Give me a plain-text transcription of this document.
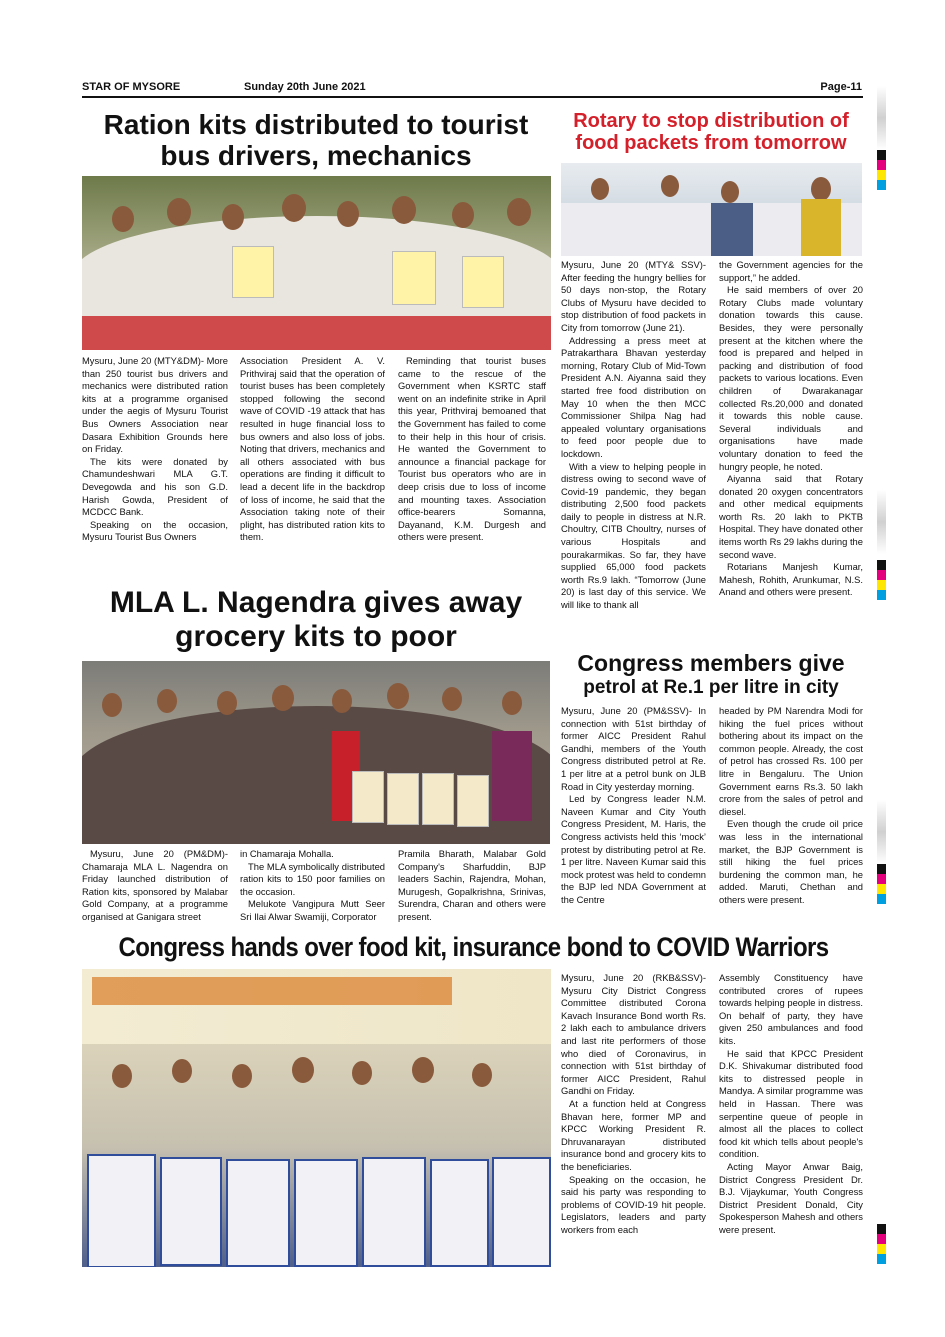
STAR OF MYSORE	Sunday 20th June 2021	Page-11
Ration kits distributed to tourist
bus drivers, mechanics

Mysuru, June 20 (MTY&DM)- More than 250 tourist bus drivers and mechanics were distributed ration kits at a programme organised under the aegis of Mysuru Tourist Bus Owners Association near Dasara Exhibition Grounds here on Friday.

The kits were donated by Chamundeshwari MLA G.T. Devegowda and his son G.D. Harish Gowda, President of MCDCC Bank.

Speaking on the occasion, Mysuru Tourist Bus Owners

Association President A. V. Prithviraj said that the operation of tourist buses has been completely stopped following the second wave of COVID -19 attack that has resulted in huge financial loss to bus owners and also loss of jobs. Noting that drivers, mechanics and all others associated with bus operations are finding it difficult to lead a decent life in the backdrop of loss of income, he said that the Association taking note of their plight, has distributed ration kits to them.

Reminding that tourist buses came to the rescue of the Government when KSRTC staff went on an indefinite strike in April this year, Prithviraj bemoaned that the Government has failed to come to their help in this hour of crisis. He wanted the Government to announce a financial package for Tourist bus operators who are in deep crisis due to loss of income and mounting taxes. Association office-bearers Somanna, Dayanand, K.M. Durgesh and others were present.

Rotary to stop distribution of
food packets from tomorrow

Mysuru, June 20 (MTY& SSV)- After feeding the hungry bellies for 50 days non-stop, the Rotary Clubs of Mysuru have decided to stop distribution of food packets in City from tomorrow (June 21).

Addressing a press meet at Patrakarthara Bhavan yesterday morning, Rotary Club of Mid-Town President A.N. Aiyanna said they started free food distribution on May 10 when the then MCC Commissioner Shilpa Nag had appealed voluntary organisations to feed poor people due to lockdown.

With a view to helping people in distress owing to second wave of Covid-19 pandemic, they began distributing 2,500 food packets daily to people in distress at N.R. Choultry, CITB Choultry, nurses of various Hospitals and pourakarmikas. So far, they have supplied 65,000 food packets worth Rs.9 lakh. “Tomorrow (June 20) is last day of this service. We will like to thank all

the Government agencies for the support,” he added.

He said members of over 20 Rotary Clubs made voluntary donation towards this cause. Besides, they were personally present at the kitchen where the food is prepared and helped in packing and distribution of food packets to various locations. Even children of Dwarakanagar collected Rs.20,000 and donated it towards this noble cause. Several individuals and organisations have made voluntary donation to feed the hungry people, he noted.

Aiyanna said that Rotary donated 20 oxygen concentrators and other medical equipments worth Rs. 20 lakh to PKTB Hospital. They have donated other items worth Rs 29 lakhs during the second wave.

Rotarians Manjesh Kumar, Mahesh, Rohith, Arunkumar, N.S. Anand and others were present.

MLA L. Nagendra gives away
grocery kits to poor

Mysuru, June 20 (PM&DM)- Chamaraja MLA L. Nagendra on Friday launched distribution of Ration kits, sponsored by Malabar Gold Company, at a programme organised at Ganigara street

in Chamaraja Mohalla.

The MLA symbolically distributed ration kits to 150 poor families on the occasion.

Melukote Vangipura Mutt Seer Sri Ilai Alwar Swamiji, Corporator

Pramila Bharath, Malabar Gold Company's Sharfuddin, BJP leaders Sachin, Rajendra, Mohan, Murugesh, Gopalkrishna, Srinivas, Surendra, Charan and others were present.

Congress members give
petrol at Re.1 per litre in city

Mysuru, June 20 (PM&SSV)- In connection with 51st birthday of former AICC President Rahul Gandhi, members of the Youth Congress distributed petrol at Re. 1 per litre at a petrol bunk on JLB Road in City yesterday morning.

Led by Congress leader N.M. Naveen Kumar and City Youth Congress President, M. Haris, the Congress activists held this ‘mock’ protest by distributing petrol at Re. 1 per litre. Naveen Kumar said this mock protest was held to condemn the BJP led NDA Government at the Centre

headed by PM Narendra Modi for hiking the fuel prices without bothering about its impact on the common people. Already, the cost of petrol has crossed Rs. 100 per litre in Bengaluru. The Union Government earns Rs.3. 50 lakh crore from the sales of petrol and diesel.

Even though the crude oil price was less in the international market, the BJP Government is still hiking the fuel prices burdening the common man, he added. Maruti, Chethan and others were present.

Congress hands over food kit, insurance bond to COVID Warriors

Mysuru, June 20 (RKB&SSV)- Mysuru City District Congress Committee distributed Corona Kavach Insurance Bond worth Rs. 2 lakh each to ambulance drivers and last rite performers of those who died of Coronavirus, in connection with 51st birthday of former AICC President, Rahul Gandhi on Friday.

At a function held at Congress Bhavan here, former MP and KPCC Working President R. Dhruvanarayan distributed insurance bond and grocery kits to the beneficiaries.

Speaking on the occasion, he said his party was responding to problems of COVID-19 hit people. Legislators, leaders and party workers from each

Assembly Constituency have contributed crores of rupees towards helping people in distress. On behalf of party, they have given 250 ambulances and food kits.

He said that KPCC President D.K. Shivakumar distributed food kits to distressed people in Mandya. A similar programme was held in Hassan. There was serpentine queue of people in almost all the places to collect food kit which tells about people's condition.

Acting Mayor Anwar Baig, District Congress President Dr. B.J. Vijaykumar, Youth Congress District President Donald, City Spokesperson Mahesh and others were present.
